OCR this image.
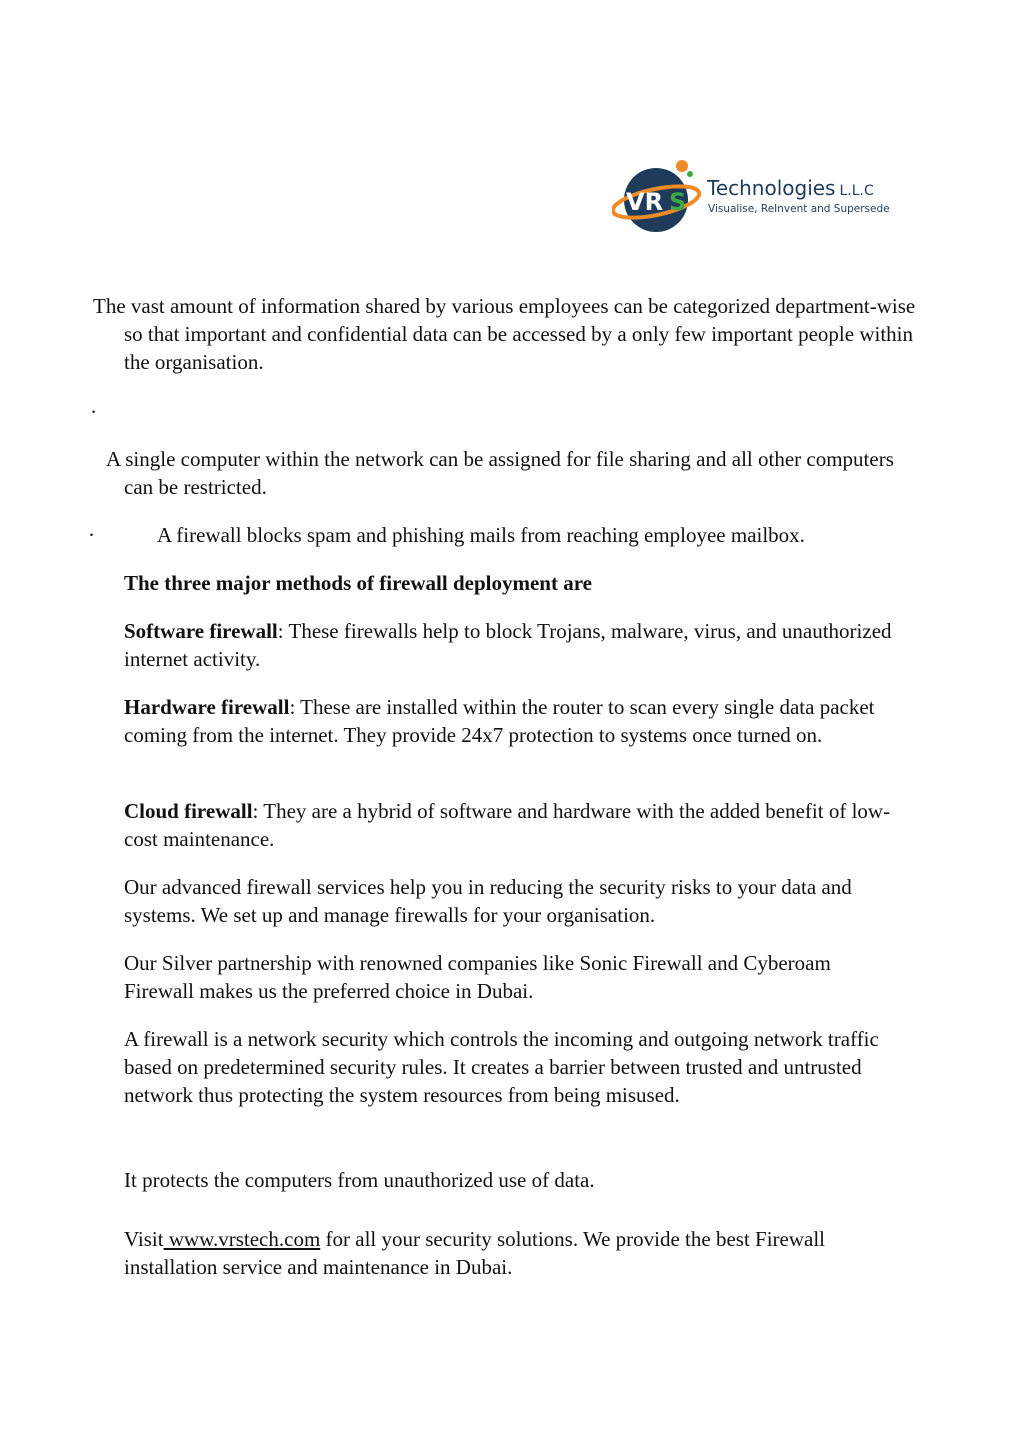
VR S Technologies L.L.C
Visualise, ReInvent and Supersede

The vast amount of information shared by various employees can be categorized department-wise so that important and confidential data can be accessed by a only few important people within the organisation.

.

A single computer within the network can be assigned for file sharing and all other computers can be restricted.

·	A firewall blocks spam and phishing mails from reaching employee mailbox.

The three major methods of firewall deployment are

Software firewall: These firewalls help to block Trojans, malware, virus, and unauthorized internet activity.

Hardware firewall: These are installed within the router to scan every single data packet coming from the internet. They provide 24x7 protection to systems once turned on.

Cloud firewall: They are a hybrid of software and hardware with the added benefit of low-cost maintenance.

Our advanced firewall services help you in reducing the security risks to your data and systems. We set up and manage firewalls for your organisation.

Our Silver partnership with renowned companies like Sonic Firewall and Cyberoam Firewall makes us the preferred choice in Dubai.

A firewall is a network security which controls the incoming and outgoing network traffic based on predetermined security rules. It creates a barrier between trusted and untrusted network thus protecting the system resources from being misused.

It protects the computers from unauthorized use of data.

Visit www.vrstech.com for all your security solutions. We provide the best Firewall installation service and maintenance in Dubai.
